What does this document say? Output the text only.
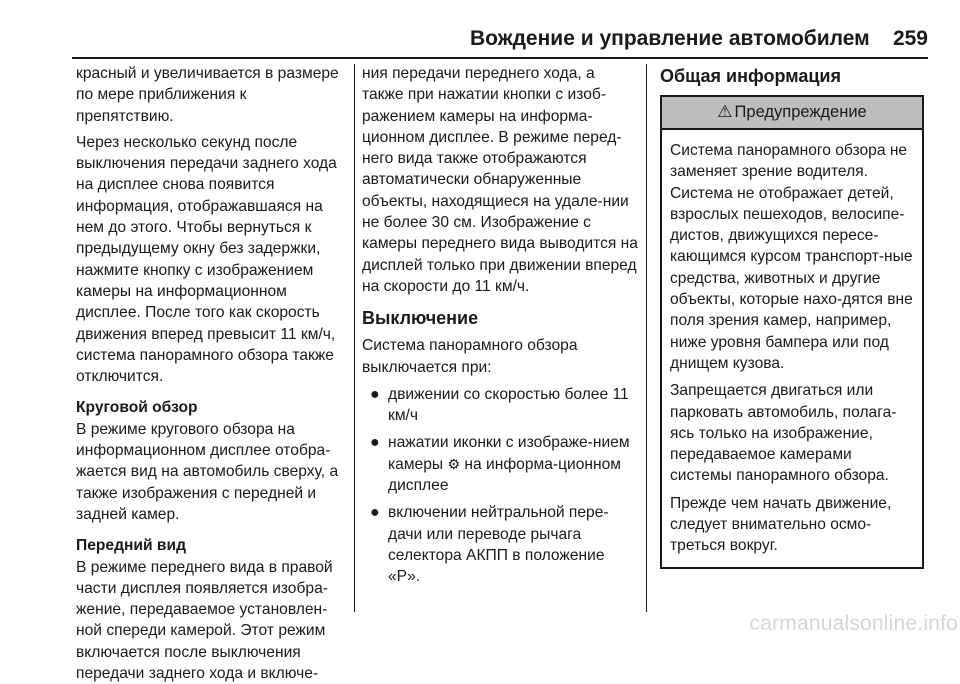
Вождение и управление автомобилем	259

красный и увеличивается в размере по мере приближения к препятствию.

Через несколько секунд после выключения передачи заднего хода на дисплее снова появится информация, отображавшаяся на нем до этого. Чтобы вернуться к предыдущему окну без задержки, нажмите кнопку с изображением камеры на информационном дисплее. После того как скорость движения вперед превысит 11 км/ч, система панорамного обзора также отключится.

Круговой обзор

В режиме кругового обзора на информационном дисплее отобра-жается вид на автомобиль сверху, а также изображения с передней и задней камер.

Передний вид

В режиме переднего вида в правой части дисплея появляется изобра-жение, передаваемое установлен-ной спереди камерой. Этот режим включается после выключения передачи заднего хода и включе-

ния передачи переднего хода, а также при нажатии кнопки с изоб-ражением камеры на информа-ционном дисплее. В режиме перед-него вида также отображаются автоматически обнаруженные объекты, находящиеся на удале-нии не более 30 см. Изображение с камеры переднего вида выводится на дисплей только при движении вперед на скорости до 11 км/ч.

Выключение

Система панорамного обзора выключается при:

● движении со скоростью более 11 км/ч
● нажатии иконки с изображе-нием камеры ⚙ на информа-ционном дисплее
● включении нейтральной пере-дачи или переводе рычага селектора АКПП в положение «P».
Общая информация
⚠ Предупреждение

Система панорамного обзора не заменяет зрение водителя. Система не отображает детей, взрослых пешеходов, велосипе-дистов, движущихся пересе-кающимся курсом транспорт-ные средства, животных и другие объекты, которые нахо-дятся вне поля зрения камер, например, ниже уровня бампера или под днищем кузова.

Запрещается двигаться или парковать автомобиль, полага-ясь только на изображение, передаваемое камерами системы панорамного обзора.

Прежде чем начать движение, следует внимательно осмо-треться вокруг.

carmanualsonline.info
